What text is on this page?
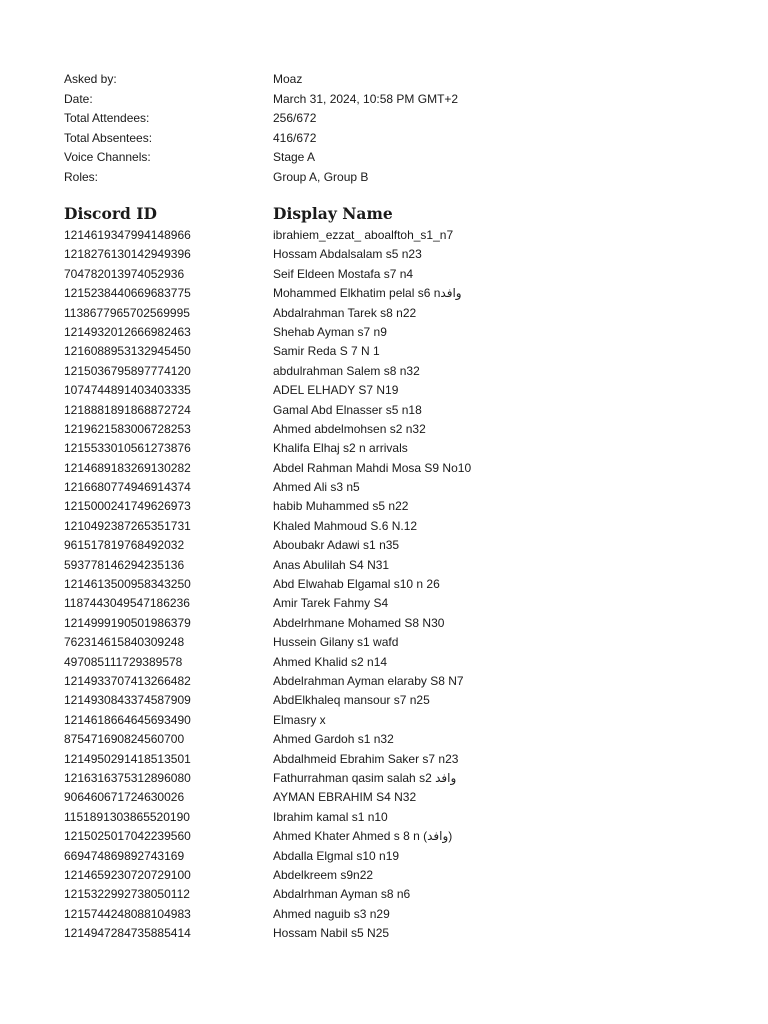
Asked by:	Moaz
Date:	March 31, 2024, 10:58 PM GMT+2
Total Attendees:	256/672
Total Absentees:	416/672
Voice Channels:	Stage A
Roles:	Group A, Group B
Discord ID	Display Name
1214619347994148966	ibrahiem_ezzat_ aboalftoh_s1_n7
1218276130142949396	Hossam Abdalsalam s5 n23
704782013974052936	Seif Eldeen Mostafa s7 n4
1215238440669683775	Mohammed Elkhatim pelal s6 nوافد
1138677965702569995	Abdalrahman Tarek s8 n22
1214932012666982463	Shehab Ayman s7 n9
1216088953132945450	Samir Reda S 7 N 1
1215036795897774120	abdulrahman Salem s8 n32
1074744891403403335	ADEL ELHADY S7 N19
1218881891868872724	Gamal Abd Elnasser s5 n18
1219621583006728253	Ahmed abdelmohsen s2 n32
1215533010561273876	Khalifa Elhaj s2 n arrivals
1214689183269130282	Abdel Rahman Mahdi Mosa S9 No10
1216680774946914374	Ahmed Ali s3 n5
1215000241749626973	habib Muhammed s5 n22
1210492387265351731	Khaled Mahmoud S.6 N.12
961517819768492032	Aboubakr Adawi s1 n35
593778146294235136	Anas Abulilah S4 N31
1214613500958343250	Abd Elwahab Elgamal s10 n 26
1187443049547186236	Amir Tarek Fahmy S4
1214999190501986379	Abdelrhmane Mohamed S8 N30
762314615840309248	Hussein Gilany s1 wafd
497085111729389578	Ahmed Khalid s2 n14
1214933707413266482	Abdelrahman Ayman elaraby S8 N7
1214930843374587909	AbdElkhaleq mansour s7 n25
1214618664645693490	Elmasry x
875471690824560700	Ahmed Gardoh s1 n32
1214950291418513501	Abdalhmeid Ebrahim Saker s7 n23
1216316375312896080	Fathurrahman qasim salah s2 وافد
906460671724630026	AYMAN EBRAHIM S4 N32
1151891303865520190	Ibrahim kamal s1 n10
1215025017042239560	Ahmed Khater Ahmed s 8 n (وافد)
669474869892743169	Abdalla Elgmal s10 n19
1214659230720729100	Abdelkreem s9n22
1215322992738050112	Abdalrhman Ayman s8 n6
1215744248088104983	Ahmed naguib s3 n29
1214947284735885414	Hossam Nabil s5 N25
